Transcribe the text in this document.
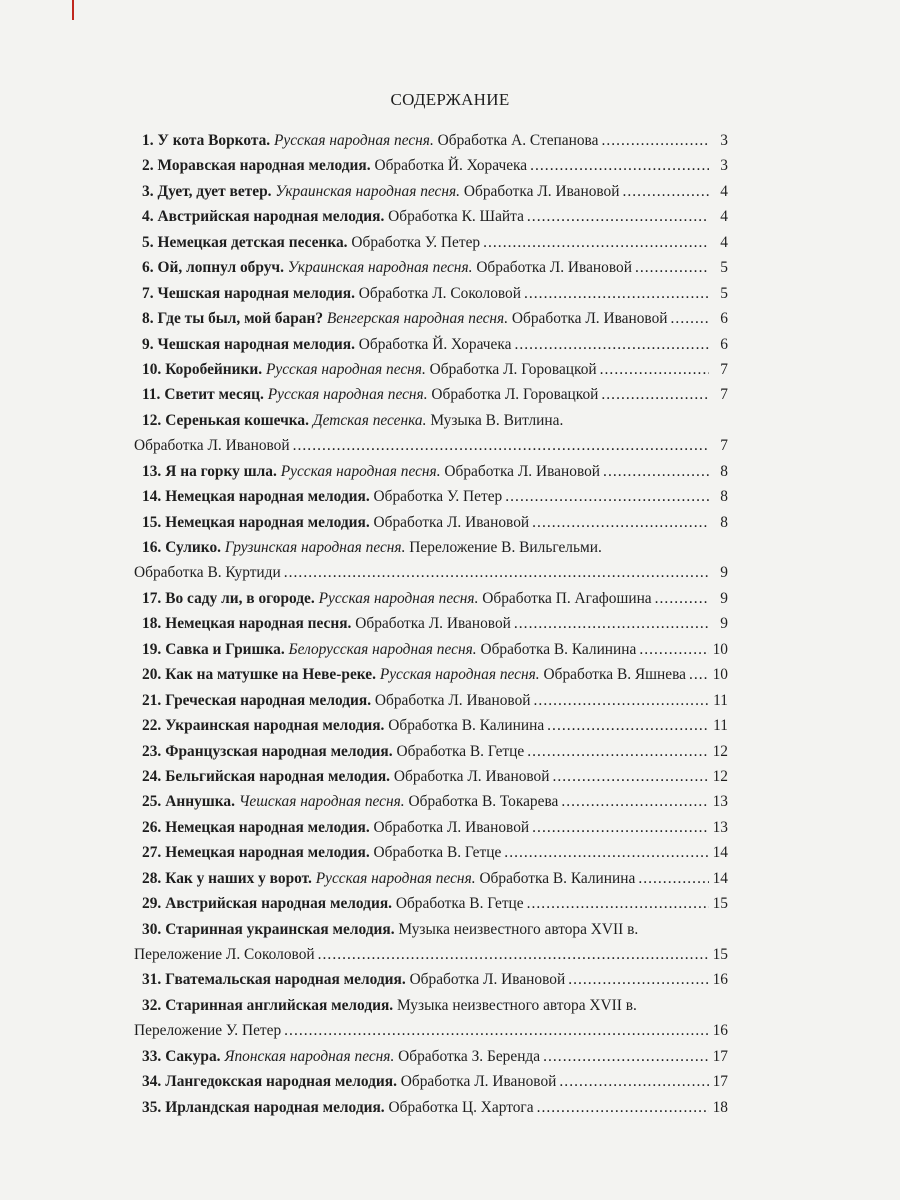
СОДЕРЖАНИЕ
1. У кота Воркота.
Русская народная песня.
Обработка А. Степанова . . .	3
2. Моравская народная мелодия.
Обработка Й. Хорачека . . .	3
3. Дует, дует ветер.
Украинская народная песня.
Обработка Л. Ивановой . . .	4
4. Австрийская народная мелодия.
Обработка К. Шайта . . .	4
5. Немецкая детская песенка.
Обработка У. Петер . . .	4
6. Ой, лопнул обруч.
Украинская народная песня.
Обработка Л. Ивановой . . .	5
7. Чешская народная мелодия.
Обработка Л. Соколовой . . .	5
8. Где ты был, мой баран?
Венгерская народная песня.
Обработка Л. Ивановой . . .	6
9. Чешская народная мелодия.
Обработка Й. Хорачека . . .	6
10. Коробейники.
Русская народная песня.
Обработка Л. Горовацкой . . .	7
11. Светит месяц.
Русская народная песня.
Обработка Л. Горовацкой . . .	7
12. Серенькая кошечка.
Детская песенка.
Музыка В. Витлина.
Обработка Л. Ивановой . . .	7
13. Я на горку шла.
Русская народная песня.
Обработка Л. Ивановой . . .	8
14. Немецкая народная мелодия.
Обработка У. Петер . . .	8
15. Немецкая народная мелодия.
Обработка Л. Ивановой . . .	8
16. Сулико.
Грузинская народная песня.
Переложение В. Вильгельми.
Обработка В. Куртиди . . .	9
17. Во саду ли, в огороде.
Русская народная песня.
Обработка П. Агафошина . . .	9
18. Немецкая народная песня.
Обработка Л. Ивановой . . .	9
19. Савка и Гришка.
Белорусская народная песня.
Обработка В. Калинина . . .	10
20. Как на матушке на Неве-реке.
Русская народная песня.
Обработка В. Яшнева . . . 10
21. Греческая народная мелодия.
Обработка Л. Ивановой . . .	11
22. Украинская народная мелодия.
Обработка В. Калинина . . .	11
23. Французская народная мелодия.
Обработка В. Гетце . . .	12
24. Бельгийская народная мелодия.
Обработка Л. Ивановой . . .	12
25. Аннушка.
Чешская народная песня.
Обработка В. Токарева . . .	13
26. Немецкая народная мелодия.
Обработка Л. Ивановой . . .	13
27. Немецкая народная мелодия.
Обработка В. Гетце . . .	14
28. Как у наших у ворот.
Русская народная песня.
Обработка В. Калинина . . .	14
29. Австрийская народная мелодия.
Обработка В. Гетце . . .	15
30. Старинная украинская мелодия.
Музыка неизвестного автора XVII в.
Переложение Л. Соколовой . . .	15
31. Гватемальская народная мелодия.
Обработка Л. Ивановой . . .	16
32. Старинная английская мелодия.
Музыка неизвестного автора XVII в.
Переложение У. Петер . . .	16
33. Сакура.
Японская народная песня.
Обработка З. Беренда . . .	17
34. Лангедокская народная мелодия.
Обработка Л. Ивановой . . .	17
35. Ирландская народная мелодия.
Обработка Ц. Хартога . . .	18
